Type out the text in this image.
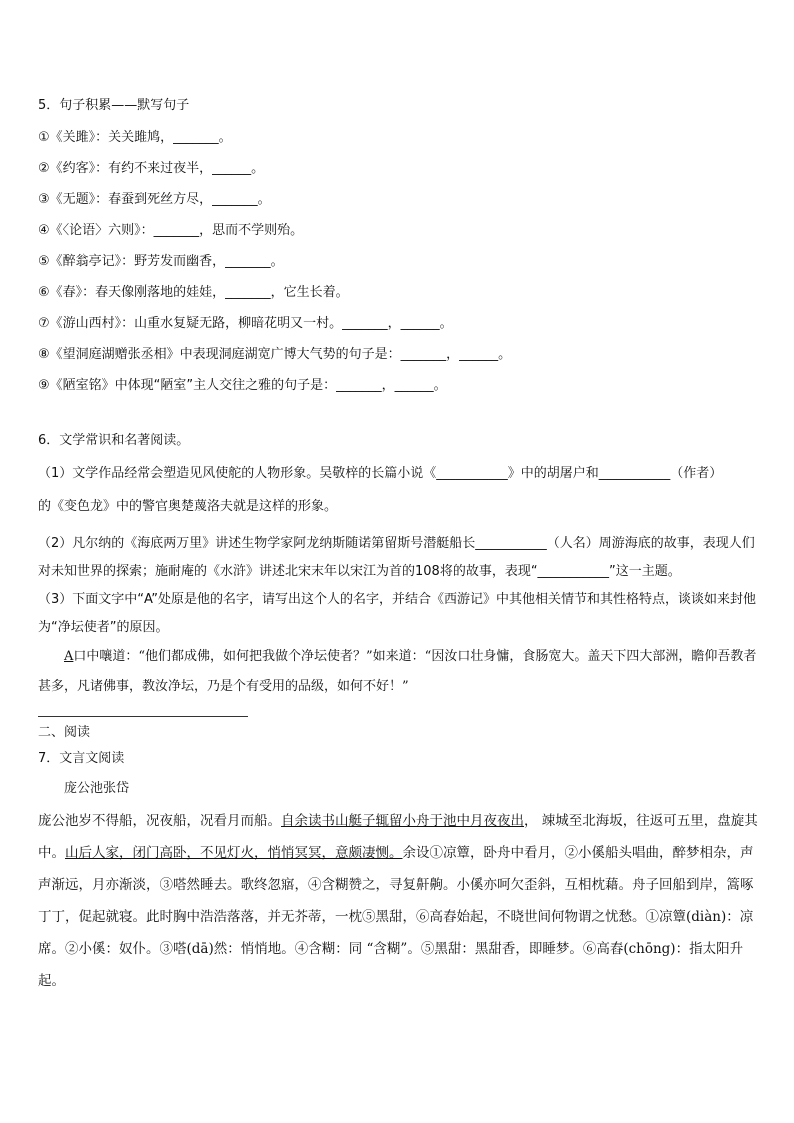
5．句子积累——默写句子
①《关雎》：关关雎鸠，_______。
②《约客》：有约不来过夜半，______。
③《无题》：春蚕到死丝方尽，_______。
④《〈论语〉六则》：_______，思而不学则殆。
⑤《醉翁亭记》：野芳发而幽香，_______。
⑥《春》：春天像刚落地的娃娃，_______，它生长着。
⑦《游山西村》：山重水复疑无路，柳暗花明又一村。_______，______。
⑧《望洞庭湖赠张丞相》中表现洞庭湖宽广博大气势的句子是：_______，______。
⑨《陋室铭》中体现“陋室”主人交往之雅的句子是：_______，______。
6．文学常识和名著阅读。
（1）文学作品经常会塑造见风使舵的人物形象。吴敬梓的长篇小说《___________》中的胡屠户和___________（作者）
的《变色龙》中的警官奥楚蔑洛夫就是这样的形象。
（2）凡尔纳的《海底两万里》讲述生物学家阿龙纳斯随诺第留斯号潜艇船长___________（人名）周游海底的故事，表现人们对未知世界的探索；施耐庵的《水浒》讲述北宋末年以宋江为首的108将的故事，表现“___________”这一主题。
（3）下面文字中“A”处原是他的名字，请写出这个人的名字，并结合《西游记》中其他相关情节和其性格特点，谈谈如来封他为“净坛使者”的原因。
A口中嚷道：“他们都成佛，如何把我做个净坛使者？”如来道：“因汝口壮身慵，食肠宽大。盖天下四大部洲，瞻仰吾教者甚多，凡诸佛事，教汝净坛，乃是个有受用的品级，如何不好！”
二、阅读
7．文言文阅读
庞公池张岱
庞公池岁不得船，况夜船，况看月而船。自余读书山艇子辄留小舟于池中月夜夜出， 竦城至北海坂，往返可五里，盘旋其中。山后人家，闭门高卧，不见灯火，悄悄冥冥，意颇凄恻。余设①凉簟，卧舟中看月，②小傒船头唱曲，醉梦相杂，声声渐远，月亦渐淡，③嗒然睡去。歌终忽寤，④含糊赞之，寻复鼾齁。小傒亦呵欠歪斜，互相枕藉。舟子回船到岸，篙啄丁丁，促起就寝。此时胸中浩浩落落，并无芥蒂，一枕⑤黑甜，⑥高舂始起，不晓世间何物谓之忧愁。①凉簟(diàn)：凉席。②小傒：奴仆。③嗒(dā)然：悄悄地。④含糊：同 “含糊”。⑤黑甜：黑甜香，即睡梦。⑥高舂(chōng)：指太阳升起。
